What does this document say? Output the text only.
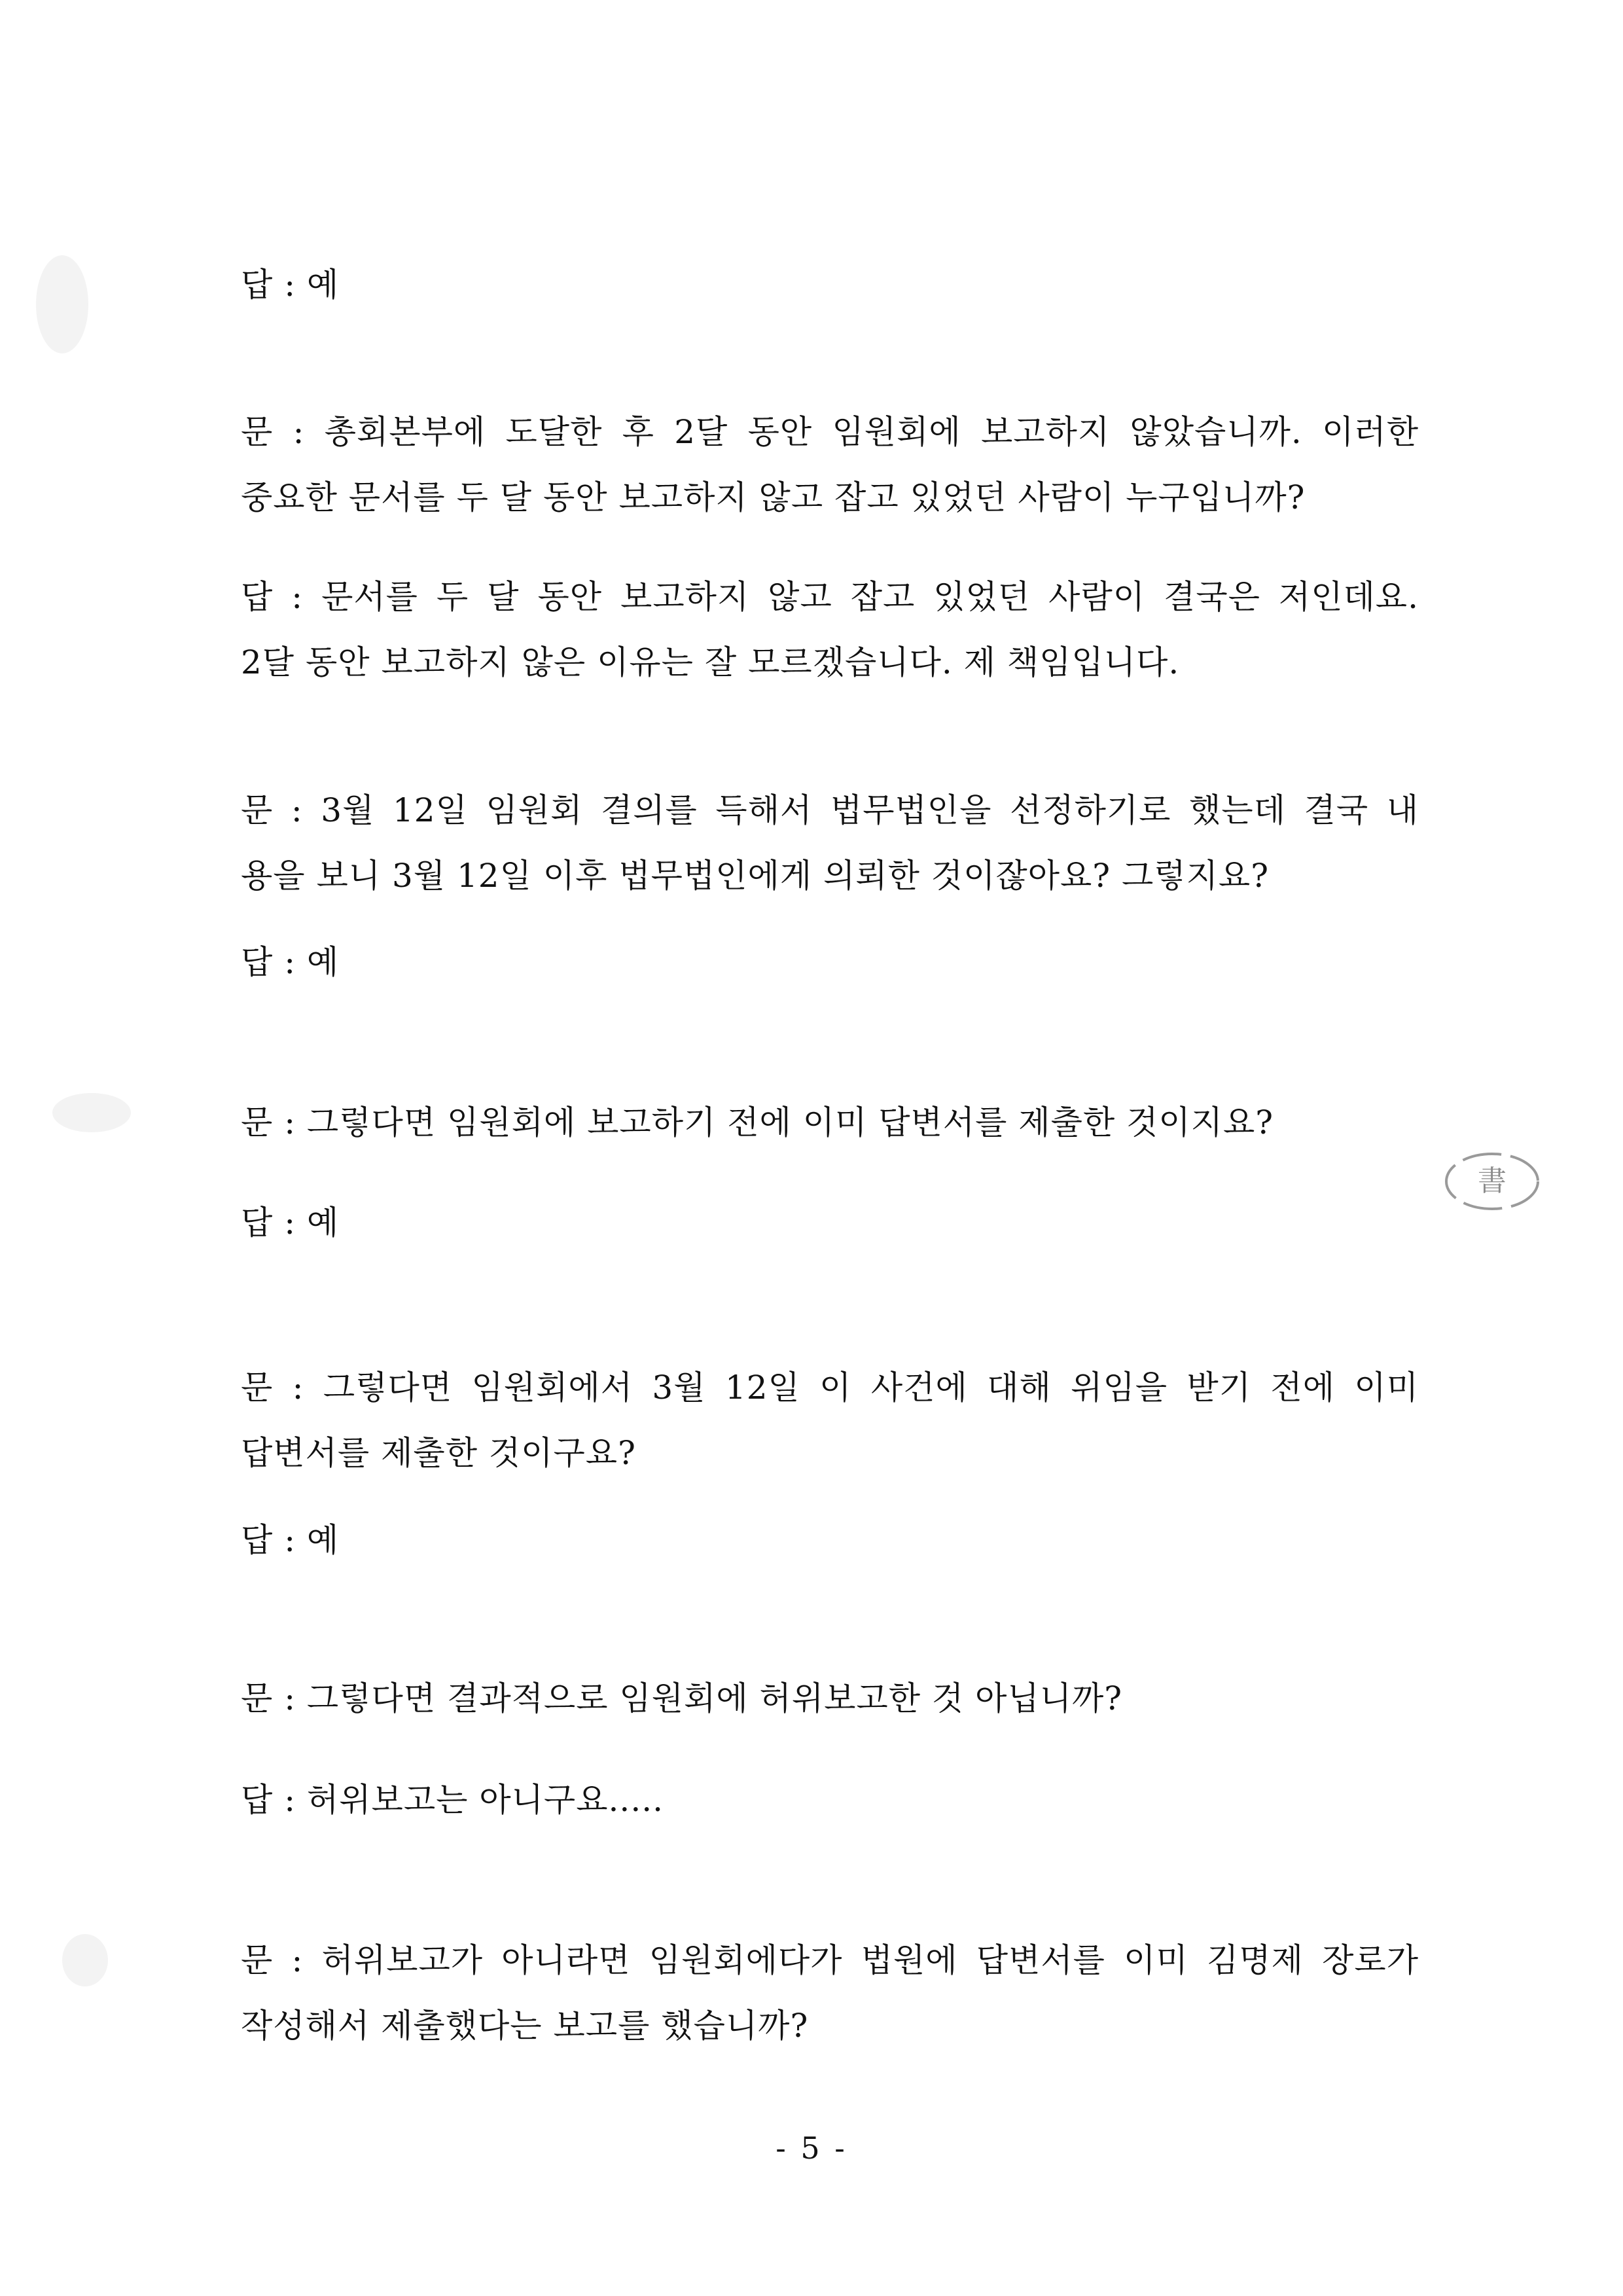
書
답 : 예
문 : 총회본부에 도달한 후 2달 동안 임원회에 보고하지 않았습니까. 이러한
중요한 문서를 두 달 동안 보고하지 않고 잡고 있었던 사람이 누구입니까?
답 : 문서를 두 달 동안 보고하지 않고 잡고 있었던 사람이 결국은 저인데요.
2달 동안 보고하지 않은 이유는 잘 모르겠습니다. 제 책임입니다.
문 : 3월 12일 임원회 결의를 득해서 법무법인을 선정하기로 했는데 결국 내
용을 보니 3월 12일 이후 법무법인에게 의뢰한 것이잖아요? 그렇지요?
답 : 예
문 : 그렇다면 임원회에 보고하기 전에 이미 답변서를 제출한 것이지요?
답 : 예
문 : 그렇다면 임원회에서 3월 12일 이 사건에 대해 위임을 받기 전에 이미
답변서를 제출한 것이구요?
답 : 예
문 : 그렇다면 결과적으로 임원회에 허위보고한 것 아닙니까?
답 : 허위보고는 아니구요.....
문 : 허위보고가 아니라면 임원회에다가 법원에 답변서를 이미 김명제 장로가
작성해서 제출했다는 보고를 했습니까?
- 5 -
